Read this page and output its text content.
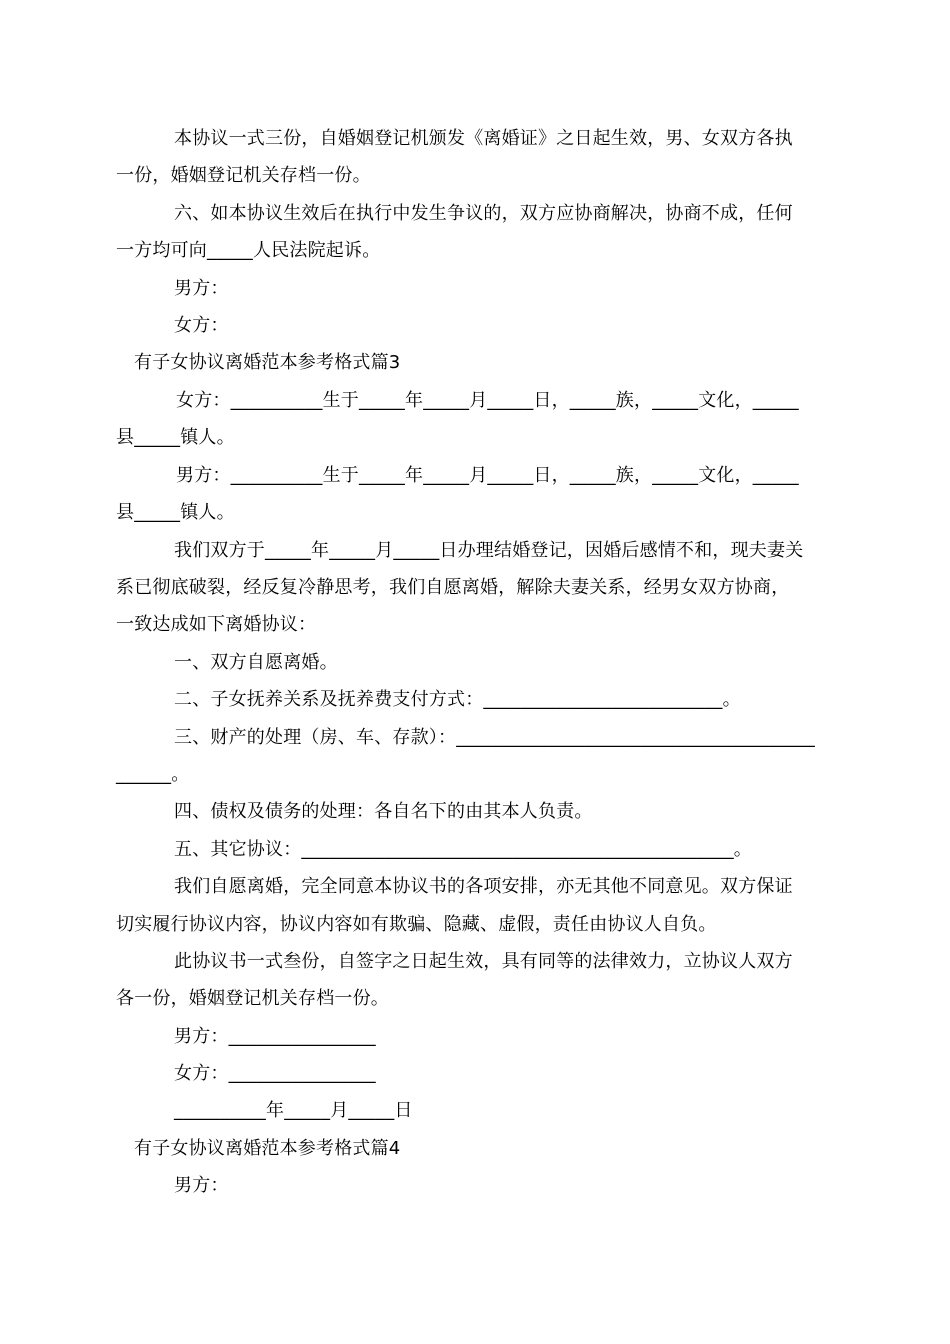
本协议一式三份，自婚姻登记机颁发《离婚证》之日起生效，男、女双方各执
一份，婚姻登记机关存档一份。
六、如本协议生效后在执行中发生争议的，双方应协商解决，协商不成，任何
一方均可向_____人民法院起诉。
男方：
女方：
有子女协议离婚范本参考格式篇3
女方：__________生于_____年_____月_____日，_____族，_____文化，_____
县_____镇人。
男方：__________生于_____年_____月_____日，_____族，_____文化，_____
县_____镇人。
我们双方于_____年_____月_____日办理结婚登记，因婚后感情不和，现夫妻关
系已彻底破裂，经反复冷静思考，我们自愿离婚，解除夫妻关系，经男女双方协商，
一致达成如下离婚协议：
一、双方自愿离婚。
二、子女抚养关系及抚养费支付方式：__________________________。
三、财产的处理（房、车、存款）：_______________________________________
______。
四、债权及债务的处理：各自名下的由其本人负责。
五、其它协议：_______________________________________________。
我们自愿离婚，完全同意本协议书的各项安排，亦无其他不同意见。双方保证
切实履行协议内容，协议内容如有欺骗、隐藏、虚假，责任由协议人自负。
此协议书一式叁份，自签字之日起生效，具有同等的法律效力，立协议人双方
各一份，婚姻登记机关存档一份。
男方：________________
女方：________________
__________年_____月_____日
有子女协议离婚范本参考格式篇4
男方：
